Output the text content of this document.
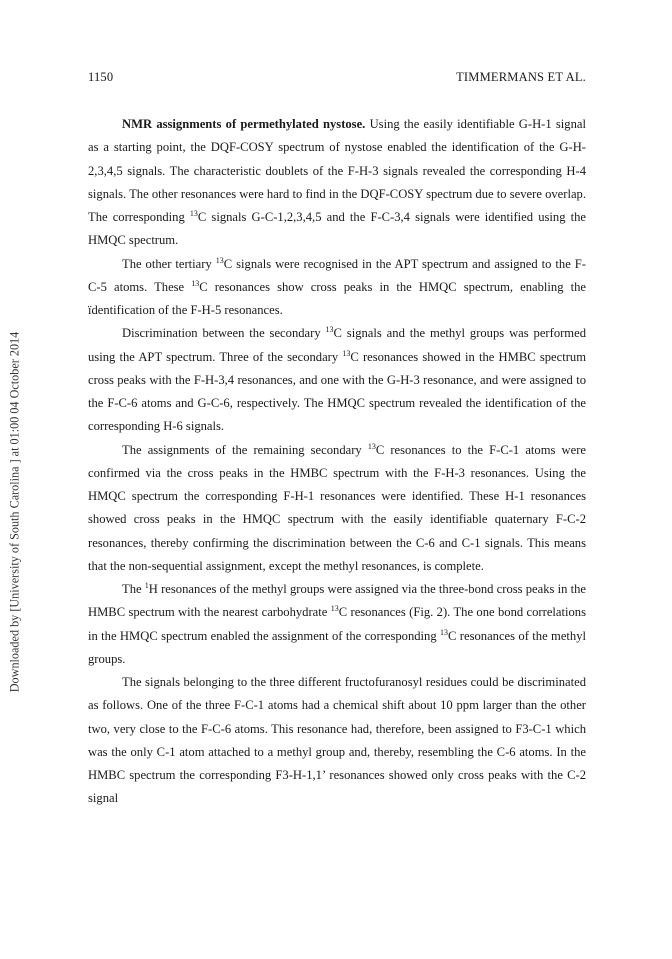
1150	TIMMERMANS ET AL.
Downloaded by [University of South Carolina ] at 01:00 04 October 2014

NMR assignments of permethylated nystose. Using the easily identifiable G-H-1 signal as a starting point, the DQF-COSY spectrum of nystose enabled the identification of the G-H-2,3,4,5 signals. The characteristic doublets of the F-H-3 signals revealed the corresponding H-4 signals. The other resonances were hard to find in the DQF-COSY spectrum due to severe overlap. The corresponding $^{13}$C signals G-C-1,2,3,4,5 and the F-C-3,4 signals were identified using the HMQC spectrum.

The other tertiary $^{13}$C signals were recognised in the APT spectrum and assigned to the F-C-5 atoms. These $^{13}$C resonances show cross peaks in the HMQC spectrum, enabling the ïdentification of the F-H-5 resonances.

Discrimination between the secondary $^{13}$C signals and the methyl groups was performed using the APT spectrum. Three of the secondary $^{13}$C resonances showed in the HMBC spectrum cross peaks with the F-H-3,4 resonances, and one with the G-H-3 resonance, and were assigned to the F-C-6 atoms and G-C-6, respectively. The HMQC spectrum revealed the identification of the corresponding H-6 signals.

The assignments of the remaining secondary $^{13}$C resonances to the F-C-1 atoms were confirmed via the cross peaks in the HMBC spectrum with the F-H-3 resonances. Using the HMQC spectrum the corresponding F-H-1 resonances were identified. These H-1 resonances showed cross peaks in the HMQC spectrum with the easily identifiable quaternary F-C-2 resonances, thereby confirming the discrimination between the C-6 and C-1 signals. This means that the non-sequential assignment, except the methyl resonances, is complete.

The $^1$H resonances of the methyl groups were assigned via the three-bond cross peaks in the HMBC spectrum with the nearest carbohydrate $^{13}$C resonances (Fig. 2). The one bond correlations in the HMQC spectrum enabled the assignment of the corresponding $^{13}$C resonances of the methyl groups.

The signals belonging to the three different fructofuranosyl residues could be discriminated as follows. One of the three F-C-1 atoms had a chemical shift about 10 ppm larger than the other two, very close to the F-C-6 atoms. This resonance had, therefore, been assigned to F3-C-1 which was the only C-1 atom attached to a methyl group and, thereby, resembling the C-6 atoms. In the HMBC spectrum the corresponding F3-H-1,1’ resonances showed only cross peaks with the C-2 signal
